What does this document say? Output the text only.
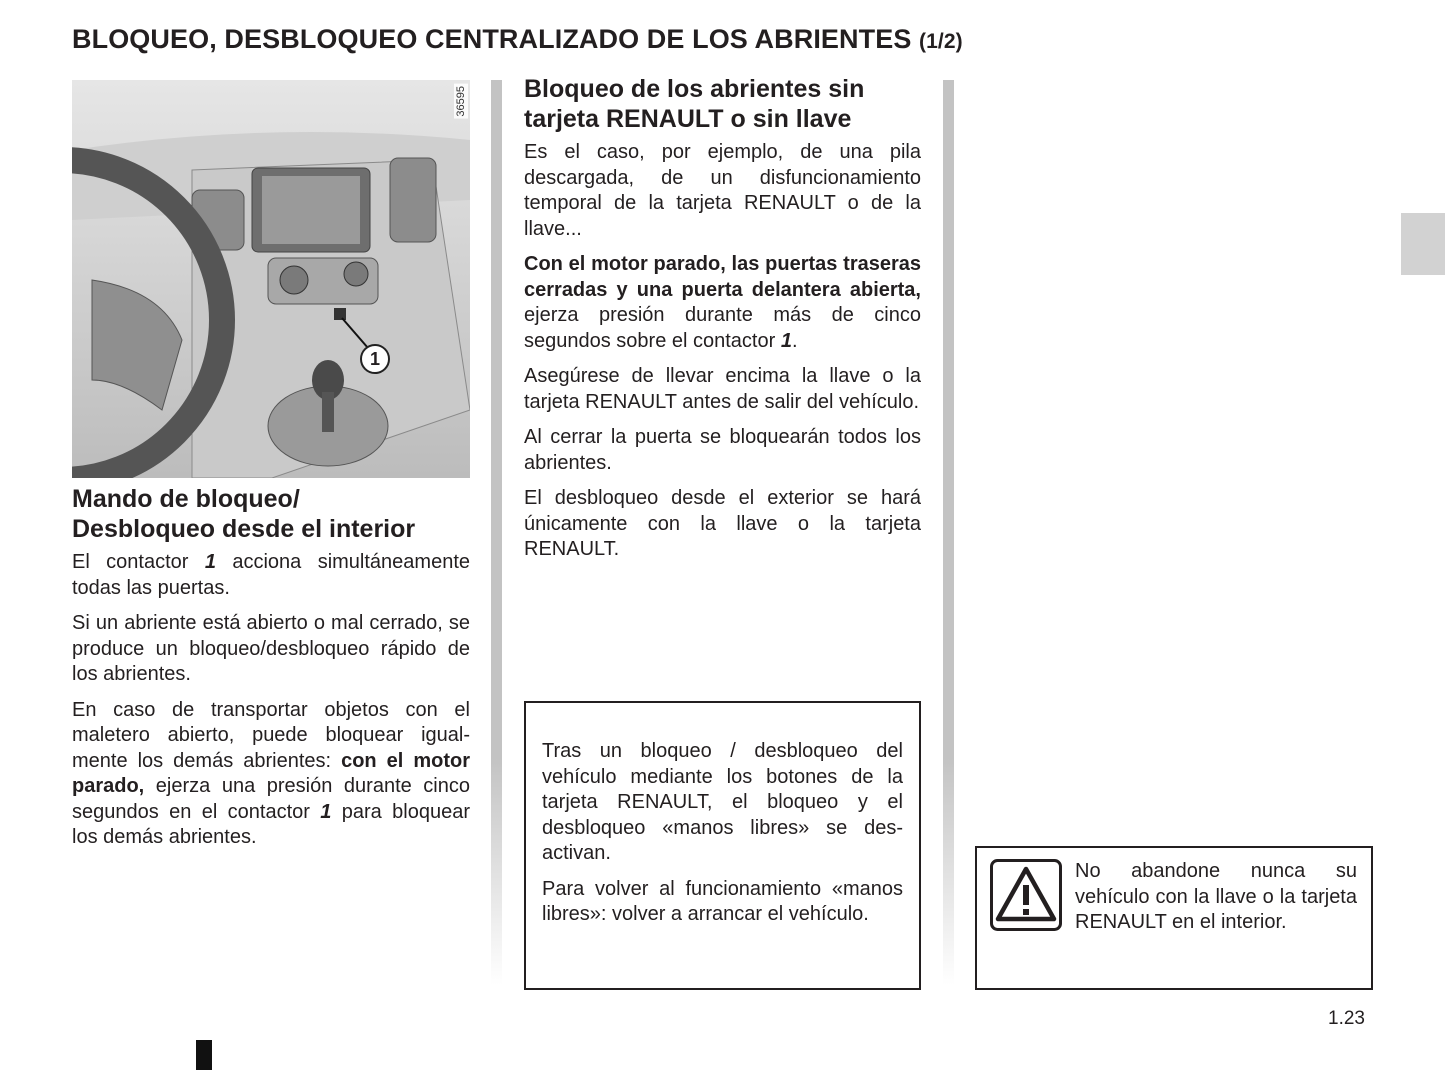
BLOQUEO, DESBLOQUEO CENTRALIZADO DE LOS ABRIENTES (1/2)
36595
1
Mando de bloqueo/
Desbloqueo desde el interior

El contactor 1 acciona simultáneamente todas las puertas.

Si un abriente está abierto o mal cerrado, se produce un bloqueo/desbloqueo rápido de los abrientes.

En caso de transportar objetos con el maletero abierto, puede bloquear igualmente los demás abrientes: con el motor parado, ejerza una presión durante cinco segundos en el contactor 1 para bloquear los demás abrientes.

Bloqueo de los abrientes sin tarjeta RENAULT o sin llave

Es el caso, por ejemplo, de una pila descargada, de un disfuncionamiento temporal de la tarjeta RENAULT o de la llave...

Con el motor parado, las puertas traseras cerradas y una puerta delantera abierta, ejerza presión durante más de cinco segundos sobre el contactor 1.

Asegúrese de llevar encima la llave o la tarjeta RENAULT antes de salir del vehículo.

Al cerrar la puerta se bloquearán todos los abrientes.

El desbloqueo desde el exterior se hará únicamente con la llave o la tarjeta RENAULT.

Tras un bloqueo / desbloqueo del vehículo mediante los botones de la tarjeta RENAULT, el bloqueo y el desbloqueo «manos libres» se desactivan.

Para volver al funcionamiento «manos libres»: volver a arrancar el vehículo.

No abandone nunca su vehículo con la llave o la tarjeta RENAULT en el interior.

1.23
